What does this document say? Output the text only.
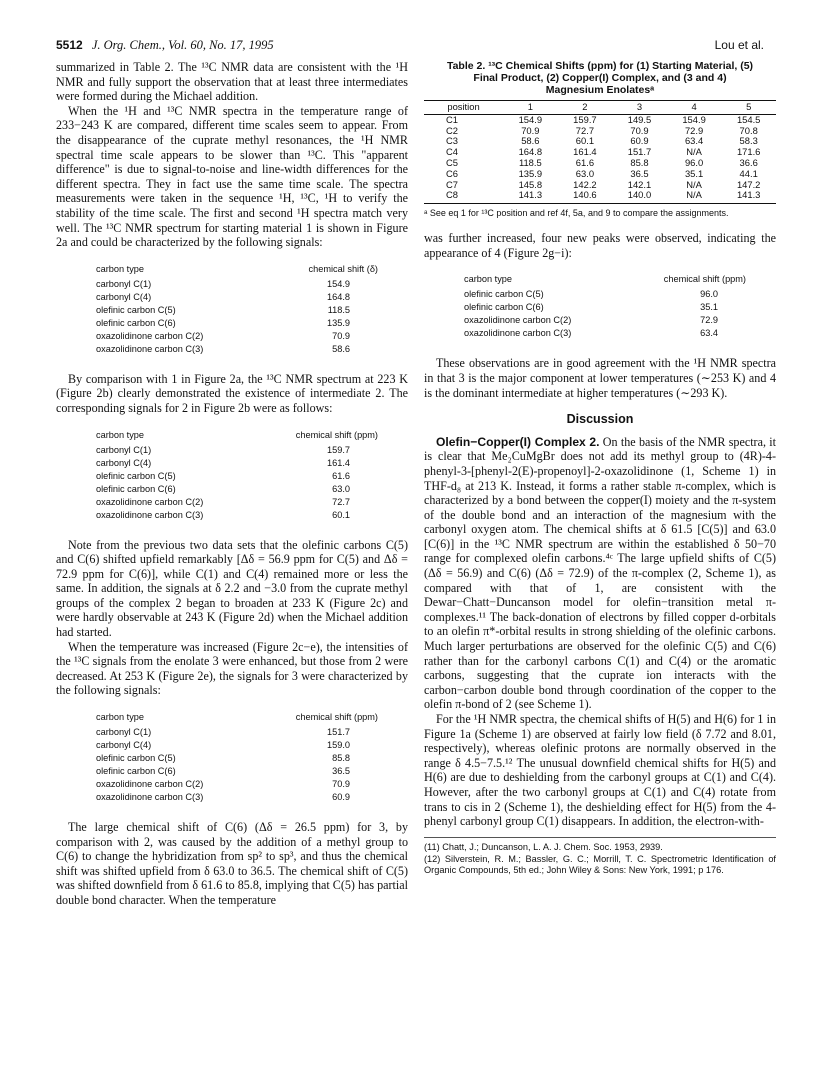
5512 J. Org. Chem., Vol. 60, No. 17, 1995	Lou et al.

summarized in Table 2. The ¹³C NMR data are consistent with the ¹H NMR and fully support the observation that at least three intermediates were formed during the Michael addition.

When the ¹H and ¹³C NMR spectra in the temperature range of 233−243 K are compared, different time scales seem to appear. From the disappearance of the cuprate methyl resonances, the ¹H NMR spectral time scale appears to be slower than ¹³C. This "apparent difference" is due to signal-to-noise and line-width differences for the different spectra. They in fact use the same time scale. The spectra measurements were taken in the sequence ¹H, ¹³C, ¹H to verify the stability of the time scale. The first and second ¹H spectra match very well. The ¹³C NMR spectrum for starting material 1 is shown in Figure 2a and could be characterized by the following signals:

carbon type	chemical shift (δ)
carbonyl C(1)	154.9
carbonyl C(4)	164.8
olefinic carbon C(5)	118.5
olefinic carbon C(6)	135.9
oxazolidinone carbon C(2)	70.9
oxazolidinone carbon C(3)	58.6

By comparison with 1 in Figure 2a, the ¹³C NMR spectrum at 223 K (Figure 2b) clearly demonstrated the existence of intermediate 2. The corresponding signals for 2 in Figure 2b were as follows:

carbon type	chemical shift (ppm)
carbonyl C(1)	159.7
carbonyl C(4)	161.4
olefinic carbon C(5)	61.6
olefinic carbon C(6)	63.0
oxazolidinone carbon C(2)	72.7
oxazolidinone carbon C(3)	60.1

Note from the previous two data sets that the olefinic carbons C(5) and C(6) shifted upfield remarkably [Δδ = 56.9 ppm for C(5) and Δδ = 72.9 ppm for C(6)], while C(1) and C(4) remained more or less the same. In addition, the signals at δ 2.2 and −3.0 from the cuprate methyl groups of the complex 2 began to broaden at 233 K (Figure 2c) and were hardly observable at 243 K (Figure 2d) when the Michael addition had started.

When the temperature was increased (Figure 2c−e), the intensities of the ¹³C signals from the enolate 3 were enhanced, but those from 2 were decreased. At 253 K (Figure 2e), the signals for 3 were characterized by the following signals:

carbon type	chemical shift (ppm)
carbonyl C(1)	151.7
carbonyl C(4)	159.0
olefinic carbon C(5)	85.8
olefinic carbon C(6)	36.5
oxazolidinone carbon C(2)	70.9
oxazolidinone carbon C(3)	60.9

The large chemical shift of C(6) (Δδ = 26.5 ppm) for 3, by comparison with 2, was caused by the addition of a methyl group to C(6) to change the hybridization from sp² to sp³, and thus the chemical shift was shifted upfield from δ 63.0 to 36.5. The chemical shift of C(5) was shifted downfield from δ 61.6 to 85.8, implying that C(5) has partial double bond character. When the temperature

Table 2. ¹³C Chemical Shifts (ppm) for (1) Starting Material, (5) Final Product, (2) Copper(I) Complex, and (3 and 4) Magnesium Enolatesᵃ
position	1	2	3	4	5
C1	154.9	159.7	149.5	154.9	154.5
C2	70.9	72.7	70.9	72.9	70.8
C3	58.6	60.1	60.9	63.4	58.3
C4	164.8	161.4	151.7	N/A	171.6
C5	118.5	61.6	85.8	96.0	36.6
C6	135.9	63.0	36.5	35.1	44.1
C7	145.8	142.2	142.1	N/A	147.2
C8	141.3	140.6	140.0	N/A	141.3
ᵃ See eq 1 for ¹³C position and ref 4f, 5a, and 9 to compare the assignments.

was further increased, four new peaks were observed, indicating the appearance of 4 (Figure 2g−i):

carbon type	chemical shift (ppm)
olefinic carbon C(5)	96.0
olefinic carbon C(6)	35.1
oxazolidinone carbon C(2)	72.9
oxazolidinone carbon C(3)	63.4

These observations are in good agreement with the ¹H NMR spectra in that 3 is the major component at lower temperatures (∼253 K) and 4 is the dominant intermediate at higher temperatures (∼293 K).

Discussion

Olefin−Copper(I) Complex 2. On the basis of the NMR spectra, it is clear that Me₂CuMgBr does not add its methyl group to (4R)-4-phenyl-3-[phenyl-2(E)-propenoyl]-2-oxazolidinone (1, Scheme 1) in THF-d₈ at 213 K. Instead, it forms a rather stable π-complex, which is characterized by a bond between the copper(I) moiety and the π-system of the double bond and an interaction of the magnesium with the carbonyl oxygen atom. The chemical shifts at δ 61.5 [C(5)] and 63.0 [C(6)] in the ¹³C NMR spectrum are within the established δ 50−70 range for complexed olefin carbons.⁴ᶜ The large upfield shifts of C(5) (Δδ = 56.9) and C(6) (Δδ = 72.9) of the π-complex (2, Scheme 1), as compared with that of 1, are consistent with the Dewar−Chatt−Duncanson model for olefin−transition metal π-complexes.¹¹ The back-donation of electrons by filled copper d-orbitals to an olefin π*-orbital results in strong shielding of the olefinic carbons. Much larger perturbations are observed for the olefinic C(5) and C(6) rather than for the carbonyl carbons C(1) and C(4) or the aromatic carbons, suggesting that the cuprate ion interacts with the carbon−carbon double bond through coordination of the copper to the olefin π-bond of 2 (see Scheme 1).

For the ¹H NMR spectra, the chemical shifts of H(5) and H(6) for 1 in Figure 1a (Scheme 1) are observed at fairly low field (δ 7.72 and 8.01, respectively), whereas olefinic protons are normally observed in the range δ 4.5−7.5.¹² The unusual downfield chemical shifts for H(5) and H(6) are due to deshielding from the carbonyl groups at C(1) and C(4). However, after the two carbonyl groups at C(1) and C(4) rotate from trans to cis in 2 (Scheme 1), the deshielding effect for H(5) from the 4-phenyl carbonyl group C(1) disappears. In addition, the electron-with-

(11) Chatt, J.; Duncanson, L. A. J. Chem. Soc. 1953, 2939.

(12) Silverstein, R. M.; Bassler, G. C.; Morrill, T. C. Spectrometric Identification of Organic Compounds, 5th ed.; John Wiley & Sons: New York, 1991; p 176.
